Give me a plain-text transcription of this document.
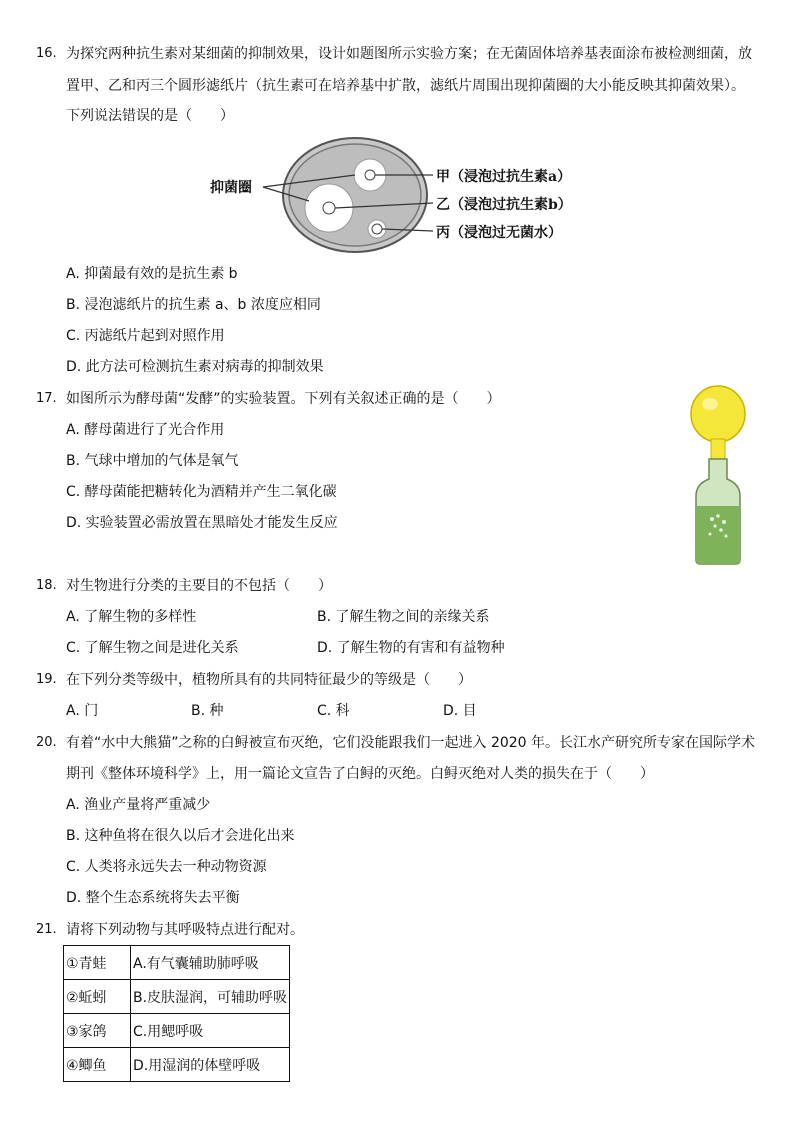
16. 为探究两种抗生素对某细菌的抑制效果，设计如题图所示实验方案；在无菌固体培养基表面涂布被检测细菌，放
置甲、乙和丙三个圆形滤纸片（抗生素可在培养基中扩散，滤纸片周围出现抑菌圈的大小能反映其抑菌效果）。
下列说法错误的是（　　）
抑菌圈
甲（浸泡过抗生素a）
乙（浸泡过抗生素b）
丙（浸泡过无菌水）
A. 抑菌最有效的是抗生素 b
B. 浸泡滤纸片的抗生素 a、b 浓度应相同
C. 丙滤纸片起到对照作用
D. 此方法可检测抗生素对病毒的抑制效果
17. 如图所示为酵母菌“发酵”的实验装置。下列有关叙述正确的是（　　）
A. 酵母菌进行了光合作用
B. 气球中增加的气体是氧气
C. 酵母菌能把糖转化为酒精并产生二氧化碳
D. 实验装置必需放置在黑暗处才能发生反应
18. 对生物进行分类的主要目的不包括（　　）
A. 了解生物的多样性	B. 了解生物之间的亲缘关系
C. 了解生物之间是进化关系	D. 了解生物的有害和有益物种
19. 在下列分类等级中，植物所具有的共同特征最少的等级是（　　）
A. 门	B. 种	C. 科	D. 目
20. 有着“水中大熊猫”之称的白鲟被宣布灭绝，它们没能跟我们一起进入 2020 年。长江水产研究所专家在国际学术
期刊《整体环境科学》上，用一篇论文宣告了白鲟的灭绝。白鲟灭绝对人类的损失在于（　　）
A. 渔业产量将严重减少
B. 这种鱼将在很久以后才会进化出来
C. 人类将永远失去一种动物资源
D. 整个生态系统将失去平衡
21. 请将下列动物与其呼吸特点进行配对。
①青蛙	A.有气囊辅助肺呼吸
②蚯蚓	B.皮肤湿润，可辅助呼吸
③家鸽	C.用鳃呼吸
④鲫鱼	D.用湿润的体壁呼吸
